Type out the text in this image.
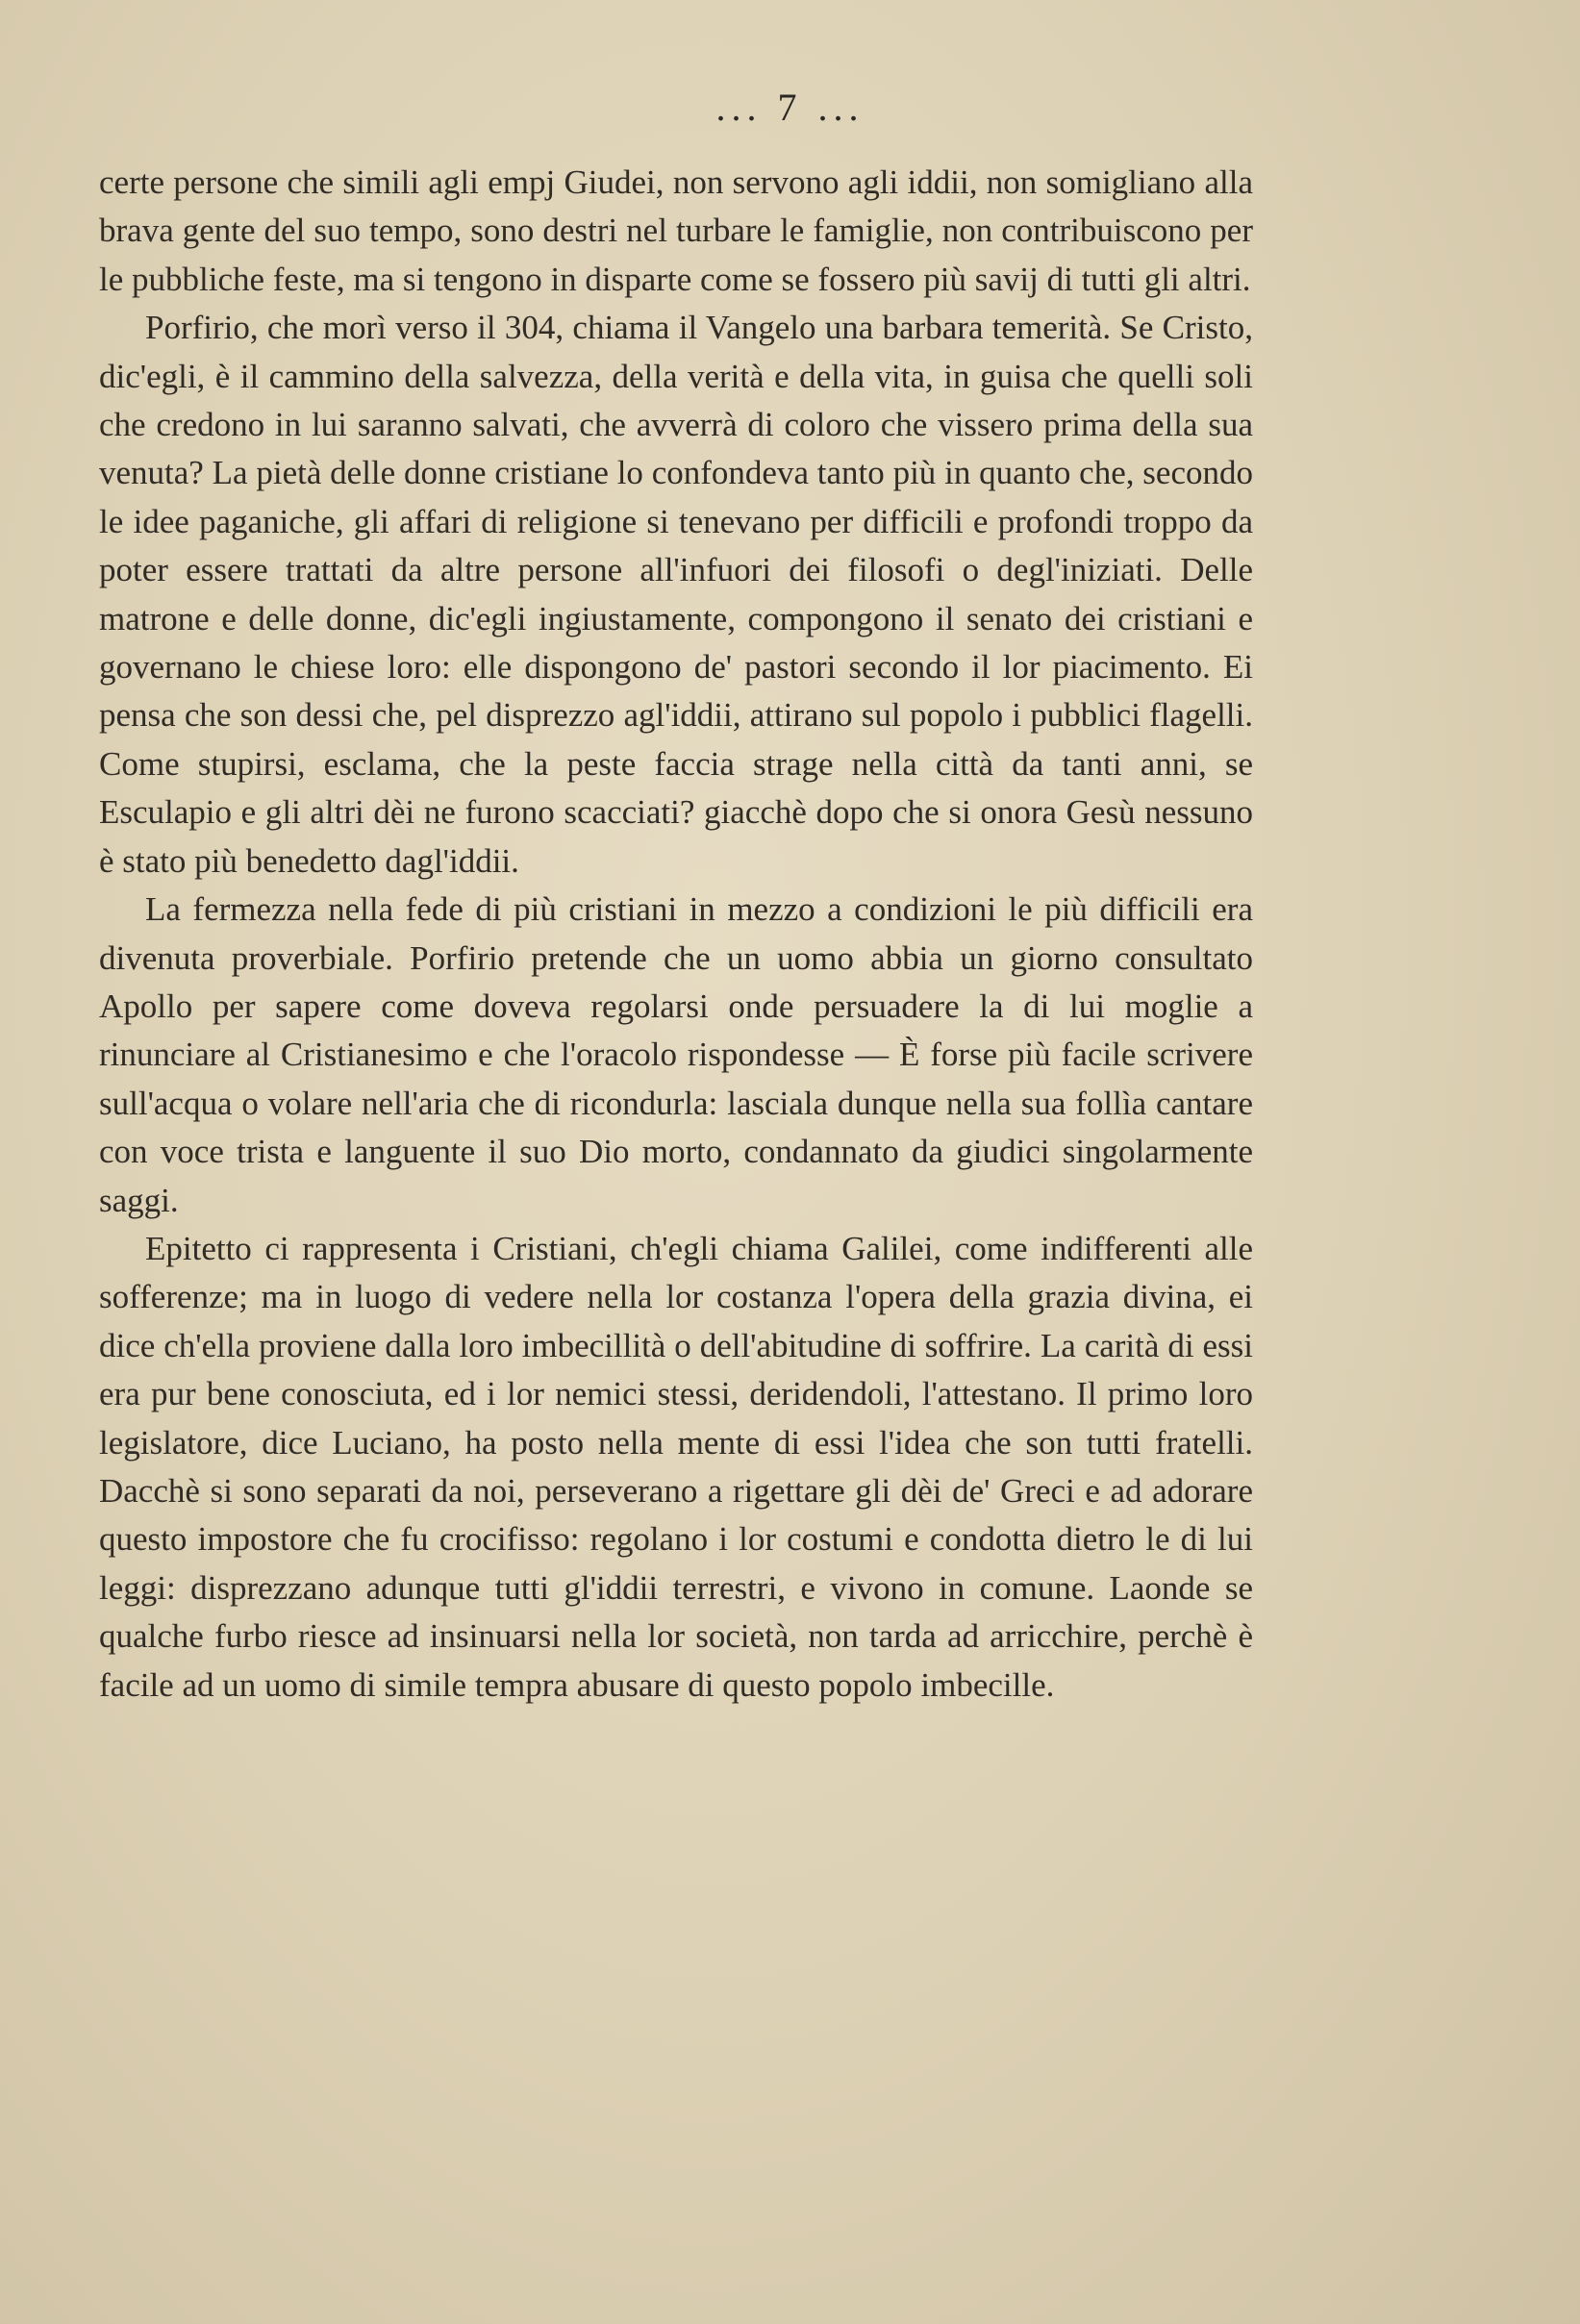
... 7 ...

certe persone che simili agli empj Giudei, non servono agli iddii, non somigliano alla brava gente del suo tempo, sono destri nel turbare le famiglie, non contribuiscono per le pubbliche feste, ma si tengono in disparte come se fossero più savij di tutti gli altri.

Porfirio, che morì verso il 304, chiama il Vangelo una barbara temerità. Se Cristo, dic'egli, è il cammino della salvezza, della verità e della vita, in guisa che quelli soli che credono in lui saranno salvati, che avverrà di coloro che vissero prima della sua venuta? La pietà delle donne cristiane lo confondeva tanto più in quanto che, secondo le idee paganiche, gli affari di religione si tenevano per difficili e profondi troppo da poter essere trattati da altre persone all'infuori dei filosofi o degl'iniziati. Delle matrone e delle donne, dic'egli ingiustamente, compongono il senato dei cristiani e governano le chiese loro: elle dispongono de' pastori secondo il lor piacimento. Ei pensa che son dessi che, pel disprezzo agl'iddii, attirano sul popolo i pubblici flagelli. Come stupirsi, esclama, che la peste faccia strage nella città da tanti anni, se Esculapio e gli altri dèi ne furono scacciati? giacchè dopo che si onora Gesù nessuno è stato più benedetto dagl'iddii.

La fermezza nella fede di più cristiani in mezzo a condizioni le più difficili era divenuta proverbiale. Porfirio pretende che un uomo abbia un giorno consultato Apollo per sapere come doveva regolarsi onde persuadere la di lui moglie a rinunciare al Cristianesimo e che l'oracolo rispondesse — È forse più facile scrivere sull'acqua o volare nell'aria che di ricondurla: lasciala dunque nella sua follìa cantare con voce trista e languente il suo Dio morto, condannato da giudici singolarmente saggi.

Epitetto ci rappresenta i Cristiani, ch'egli chiama Galilei, come indifferenti alle sofferenze; ma in luogo di vedere nella lor costanza l'opera della grazia divina, ei dice ch'ella proviene dalla loro imbecillità o dell'abitudine di soffrire. La carità di essi era pur bene conosciuta, ed i lor nemici stessi, deridendoli, l'attestano. Il primo loro legislatore, dice Luciano, ha posto nella mente di essi l'idea che son tutti fratelli. Dacchè si sono separati da noi, perseverano a rigettare gli dèi de' Greci e ad adorare questo impostore che fu crocifisso: regolano i lor costumi e condotta dietro le di lui leggi: disprezzano adunque tutti gl'iddii terrestri, e vivono in comune. Laonde se qualche furbo riesce ad insinuarsi nella lor società, non tarda ad arricchire, perchè è facile ad un uomo di simile tempra abusare di questo popolo imbecille.
